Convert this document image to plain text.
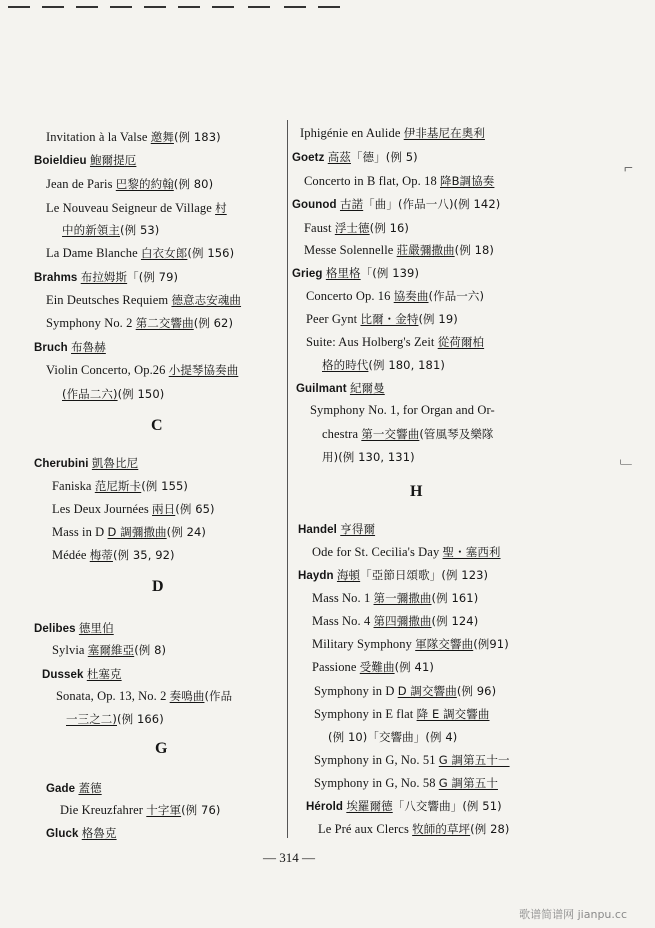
Invitation à la Valse 邀舞(例 183)
Boieldieu 鮑爾提厄
Jean de Paris 巴黎的約翰(例 80)
Le Nouveau Seigneur de Village 村
中的新領主(例 53)
La Dame Blanche 白衣女郎(例 156)
Brahms 布拉姆斯「(例 79)
Ein Deutsches Requiem 德意志安魂曲
Symphony No. 2 第二交響曲(例 62)
Bruch 布魯赫
Violin Concerto, Op.26 小提琴協奏曲
(作品二六)(例 150)
C
Cherubini 凱魯比尼
Faniska 范尼斯卡(例 155)
Les Deux Journées 兩日(例 65)
Mass in D D 調彌撒曲(例 24)
Médée 梅蒂(例 35, 92)
D
Delibes 德里伯
Sylvia 塞爾維亞(例 8)
Dussek 杜塞克
Sonata, Op. 13, No. 2 奏鳴曲(作品
一三之二)(例 166)
G
Gade 蓋德
Die Kreuzfahrer 十字軍(例 76)
Gluck 格魯克
Iphigénie en Aulide 伊非基尼在奧利
Goetz 高茲「德」(例 5)
Concerto in B flat, Op. 18 降B調協奏
Gounod 古諾「曲」(作品一八)(例 142)
Faust 浮士德(例 16)
Messe Solennelle 莊嚴彌撒曲(例 18)
Grieg 格里格「(例 139)
Concerto Op. 16 協奏曲(作品一六)
Peer Gynt 比爾・金特(例 19)
Suite: Aus Holberg's Zeit 從荷爾柏
格的時代(例 180, 181)
Guilmant 紀爾曼
Symphony No. 1, for Organ and Or-
chestra 第一交響曲(管風琴及樂隊
用)(例 130, 131)
H
Handel 亨得爾
Ode for St. Cecilia's Day 聖・塞西利
Haydn 海頓「亞節日頌歌」(例 123)
Mass No. 1 第一彌撒曲(例 161)
Mass No. 4 第四彌撒曲(例 124)
Military Symphony 軍隊交響曲(例91)
Passione 受難曲(例 41)
Symphony in D D 調交響曲(例 96)
Symphony in E flat 降 E 調交響曲
(例 10)「交響曲」(例 4)
Symphony in G, No. 51 G 調第五十一
Symphony in G, No. 58 G 調第五十
Hérold 埃羅爾德「八交響曲」(例 51)
Le Pré aux Clercs 牧師的草坪(例 28)
— 314 —
⌐
﹂
歌谱简谱网 jianpu.cc
